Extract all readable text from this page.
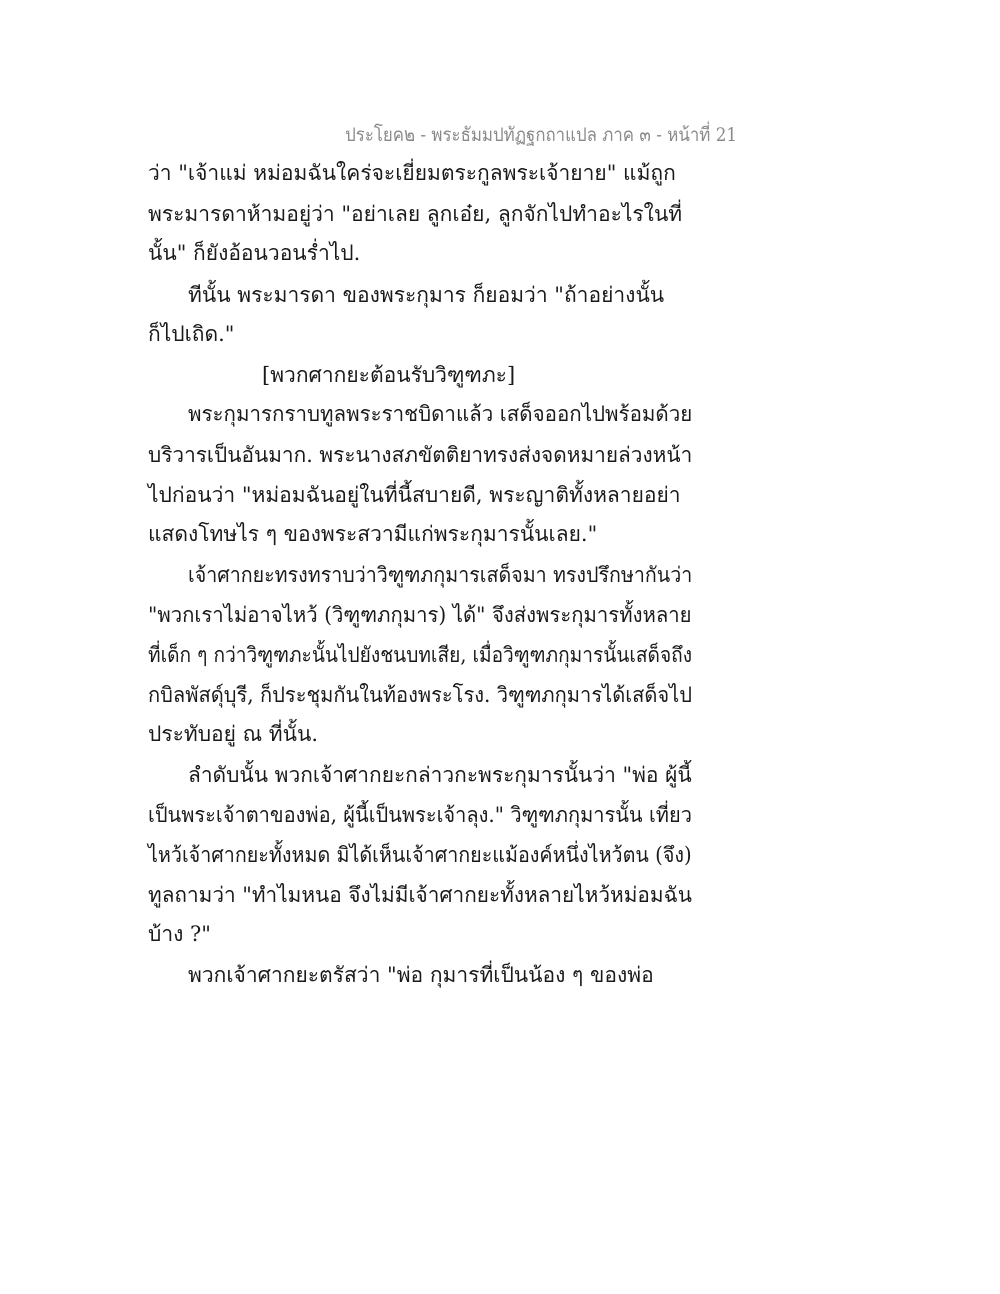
ประโยค๒ - พระธัมมปทัฏฐกถาแปล ภาค ๓ - หน้าที่ 21
ว่า "เจ้าแม่ หม่อมฉันใคร่จะเยี่ยมตระกูลพระเจ้ายาย" แม้ถูก
พระมารดาห้ามอยู่ว่า "อย่าเลย ลูกเอ๋ย, ลูกจักไปทำอะไรในที่
นั้น" ก็ยังอ้อนวอนร่ำไป.
ทีนั้น พระมารดา ของพระกุมาร ก็ยอมว่า "ถ้าอย่างนั้น
ก็ไปเถิด."
[พวกศากยะต้อนรับวิฑูฑภะ]
พระกุมารกราบทูลพระราชบิดาแล้ว เสด็จออกไปพร้อมด้วย
บริวารเป็นอันมาก. พระนางสภขัตติยาทรงส่งจดหมายล่วงหน้า
ไปก่อนว่า "หม่อมฉันอยู่ในที่นี้สบายดี, พระญาติทั้งหลายอย่า
แสดงโทษไร ๆ ของพระสวามีแก่พระกุมารนั้นเลย."
เจ้าศากยะทรงทราบว่าวิฑูฑภกุมารเสด็จมา ทรงปรึกษากันว่า
"พวกเราไม่อาจไหว้ (วิฑูฑภกุมาร) ได้" จึงส่งพระกุมารทั้งหลาย
ที่เด็ก ๆ กว่าวิฑูฑภะนั้นไปยังชนบทเสีย, เมื่อวิฑูฑภกุมารนั้นเสด็จถึง
กบิลพัสดุ์บุรี, ก็ประชุมกันในท้องพระโรง. วิฑูฑภกุมารได้เสด็จไป
ประทับอยู่ ณ ที่นั้น.
ลำดับนั้น พวกเจ้าศากยะกล่าวกะพระกุมารนั้นว่า "พ่อ ผู้นี้
เป็นพระเจ้าตาของพ่อ, ผู้นี้เป็นพระเจ้าลุง." วิฑูฑภกุมารนั้น เที่ยว
ไหว้เจ้าศากยะทั้งหมด มิได้เห็นเจ้าศากยะแม้องค์หนึ่งไหว้ตน (จึง)
ทูลถามว่า "ทำไมหนอ จึงไม่มีเจ้าศากยะทั้งหลายไหว้หม่อมฉัน
บ้าง ?"
พวกเจ้าศากยะตรัสว่า "พ่อ กุมารที่เป็นน้อง ๆ ของพ่อ
